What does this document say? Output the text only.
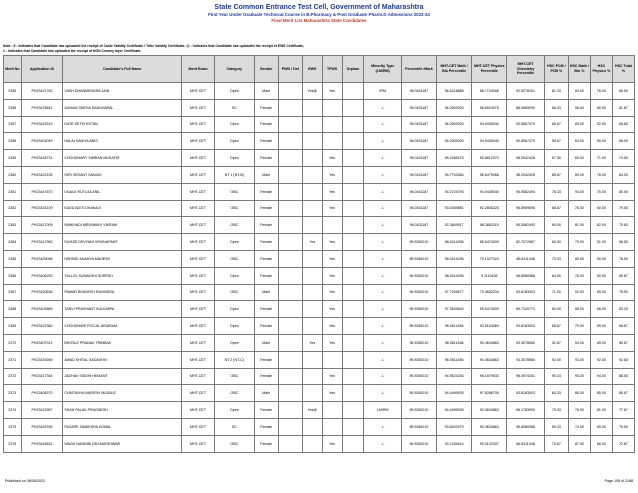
State Common Entrance Test Cell, Government of Maharashtra
First Year Under Graduate Technical Course in B.Pharmacy & Post Graduate Pharm.D Admissions 2023-24
Final Merit List Maharashtra State Candidates
Note : $ - Indicates that Candidate has uploaded the receipt of Caste Validity Certificate / Tribe Validity Certificate, @ - Indicates that Candidate has uploaded the receipt of EWS Certificate,
# - Indicates that Candidate has uploaded the receipt of NON Creamy layer Certificate.
Merit No	Application ID	Candidate's Full Name	Merit Exam	Category	Gender	PWD / Def	EWS	TFWS	Orphan	Minority Type (LM/RM)	Percentile /Mark	MHT-CET Math / Bio Percentile	MHT-CET Physics Percentile	MHT-CET Chemistry Percentile	HSC PCM / PCB %	HSC Math / Bio %	HSC Physics %	HSC Total %
2355	PH23421762	YASH DHARMENDRA JAIN	MHT-CET	Open	Male		Yes@	Yes		/RM	96.0431187	96.6318888	88.7744058	92.5278151	81.33	84.00	76.00	80.50
2356	PH23478641	AGHAM SNEHA SANGHAPAL	MHT-CET	SC	Female					-/-	96.0431187	96.2509200	96.6924975	88.5969090	86.33	96.00	80.00	81.67
2357	PH23423319	DATE KETKI KETAN	MHT-CET	Open	Female					-/-	96.0431187	96.2509200	94.9435040	90.8567470	65.67	89.00	52.00	68.83
2358	PH23403049	HALAI SANIYA ANIS	MHT-CET	Open	Female					-/-	96.0431187	96.2509200	94.9435040	90.8567470	59.67	64.00	59.00	68.00
2359	PH23418731	CHOUDHARY SIMRAN MUSAFIR	MHT-CET	Open	Female			Yes		-/-	96.0431187	95.2465475	55.8812070	98.0042426	67.00	60.00	71.00	74.50
2360	PH23422105	GIRI VEDANT SANJAY	MHT-CET	NT 1 (NT-B)	Male			Yes		-/-	96.0431187	94.7703364	96.6479068	98.0042426	85.67	89.00	76.00	84.00
2361	PH23447670	UGALE RUTUJA ANIL	MHT-CET	OBC	Female			Yes		-/-	96.0431187	94.2724793	94.9435040	95.5582493	78.33	94.00	75.00	80.00
2362	PH23434109	KADU ADITI DHANAJI	MHT-CET	OBC	Female			Yes		-/-	96.0431187	93.6369881	92.2806225	96.8959695	68.67	76.00	60.00	79.50
2363	PH23417009	NIMKHADI MRUNMAYI VIKRAM	MHT-CET	OBC	Female					-/-	96.0431187	92.3849517	98.3852115	95.5582493	69.00	81.00	62.00	75.83
2364	PH23417962	DIVASE DEVYANI VISHNUPANT	MHT-CET	Open	Female		Yes	Yes		-/-	95.9265210	98.0414296	85.5474009	82.7072567	60.00	79.00	51.00	68.50
2365	PH23429098	HAPASE ANANYA MAHESH	MHT-CET	OBC	Female			Yes		-/-	95.9265210	98.0414296	79.1027024	86.8111348	73.33	89.00	50.00	78.50
2366	PH23406253	YALLOL SUNAKSHI SURESH	MHT-CET	Open	Female			Yes		-/-	95.9265210	98.0414296	9.1110436	96.8080968	64.00	78.00	50.00	69.67
2367	PH23420536	PAWAR BHAVESH RAVINDRA	MHT-CET	OBC	Male			Yes		-/-	95.9265210	97.7209677	70.3652234	93.8183003	71.00	92.00	65.00	75.50
2368	PH23403869	TANVI PRASHANT KULKARNI	MHT-CET	Open	Female			Yes		-/-	95.9265210	97.3639640	95.5474009	89.7120771	80.00	88.00	66.00	83.20
2369	PH23422382	CHOUDHARI POOJA JASARAM	MHT-CET	Open	Female			Yes		-/-	95.9265210	96.0611456	93.5163069	93.8183003	65.67	79.00	55.00	68.67
2370	PH23407912	BHOSLE PRANAV TRIMBAK	MHT-CET	Open	Male		Yes	Yes		-/-	95.9265210	96.0611456	90.3634863	93.3078560	92.67	94.00	89.00	89.67
2371	PH23439269	AWAD SHITAL SADASHIV	MHT-CET	NT 2 (NT-C)	Female					-/-	95.9265210	96.0611456	90.3634863	93.3078560	92.00	93.00	92.00	92.83
2372	PH23417354	JADHAV SIDDHI HEMANT	MHT-CET	OBC	Female			Yes		-/-	95.9265210	94.9624254	96.1879533	98.4974161	90.33	95.00	94.00	88.50
2373	PH23406270	CHAITANYA NARESH MUSALE	MHT-CET	OBC	Male			Yes		-/-	95.9265210	94.4499935	97.6288705	93.8183003	84.33	86.00	85.00	85.67
2374	PH23422957	SHAH PALAK PRAGNESH	MHT-CET	Open	Female		Yes@			LM/RM	95.9265210	94.4499935	90.3634863	96.1783993	79.33	78.00	81.00	77.67
2375	PH23439765	PAZARE SAMIKSHA KOMAL	MHT-CET	SC	Female					-/-	95.9265210	93.8202979	90.3634863	96.8080968	69.33	74.00	65.00	75.50
2376	PH23416831	WAGH NANDINI DNYANESHWAR	MHT-CET	OBC	Female			Yes		-/-	95.9265210	93.1254614	99.0142007	86.8111348	70.67	87.00	66.00	72.67
Published on 08/08/2023	Page 108 of 2188
